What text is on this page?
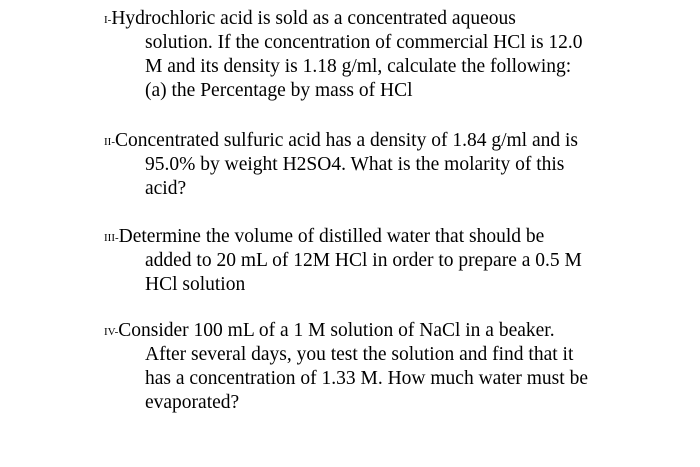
I-Hydrochloric acid is sold as a concentrated aqueous
solution. If the concentration of commercial HCl is 12.0
M and its density is 1.18 g/ml, calculate the following:
(a) the Percentage by mass of HCl
II-Concentrated sulfuric acid has a density of 1.84 g/ml and is
95.0% by weight H2SO4. What is the molarity of this
acid?
III-Determine the volume of distilled water that should be
added to 20 mL of 12M HCl in order to prepare a 0.5 M
HCl solution
IV-Consider 100 mL of a 1 M solution of NaCl in a beaker.
After several days, you test the solution and find that it
has a concentration of 1.33 M. How much water must be
evaporated?
